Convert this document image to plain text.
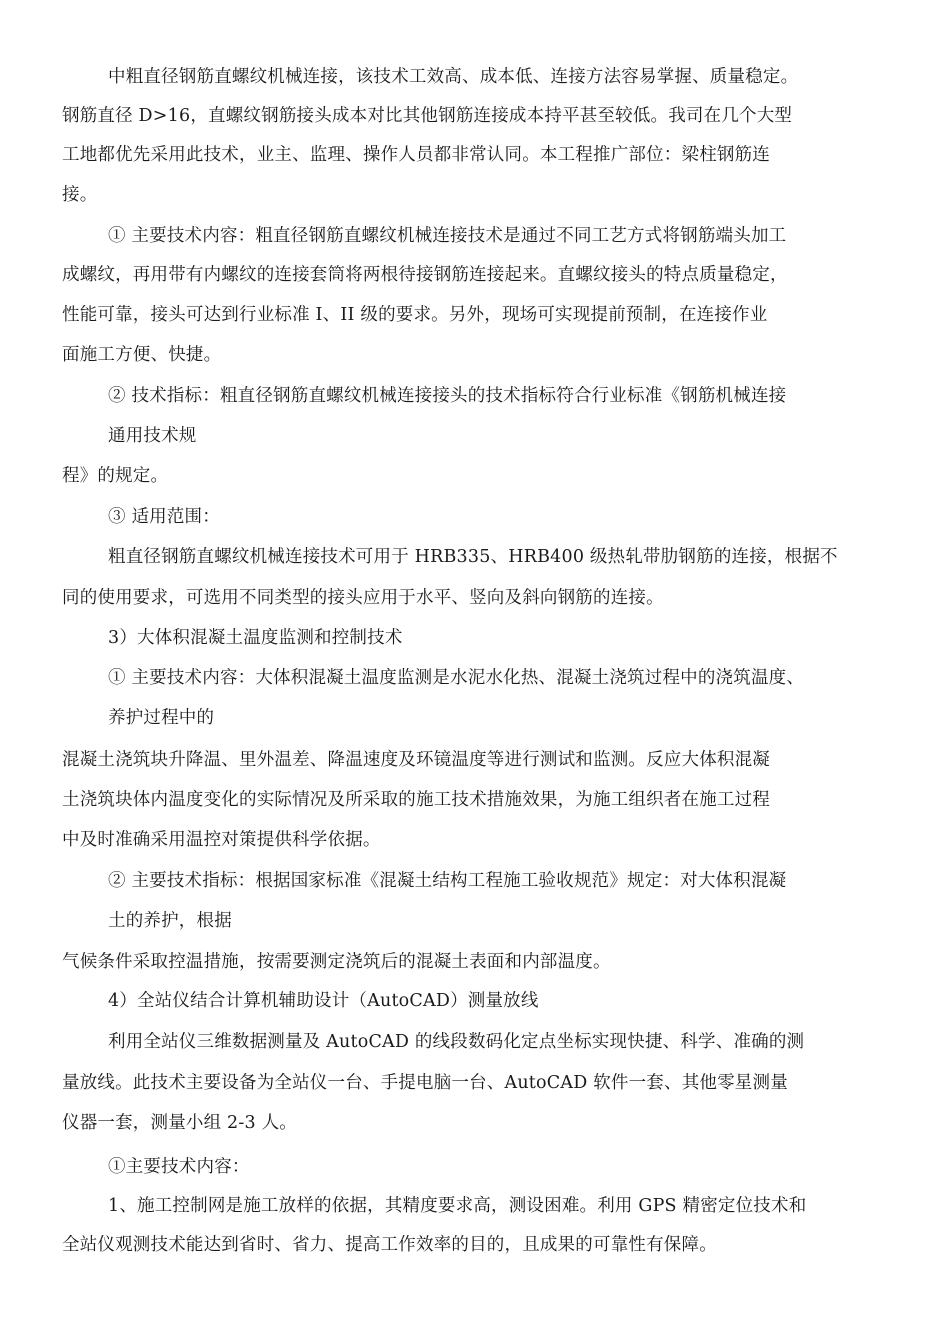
中粗直径钢筋直螺纹机械连接，该技术工效高、成本低、连接方法容易掌握、质量稳定。
钢筋直径 D>16，直螺纹钢筋接头成本对比其他钢筋连接成本持平甚至较低。我司在几个大型
工地都优先采用此技术，业主、监理、操作人员都非常认同。本工程推广部位：梁柱钢筋连
接。
① 主要技术内容：粗直径钢筋直螺纹机械连接技术是通过不同工艺方式将钢筋端头加工
成螺纹，再用带有内螺纹的连接套筒将两根待接钢筋连接起来。直螺纹接头的特点质量稳定，
性能可靠，接头可达到行业标准 I、II 级的要求。另外，现场可实现提前预制，在连接作业
面施工方便、快捷。
② 技术指标：粗直径钢筋直螺纹机械连接接头的技术指标符合行业标准《钢筋机械连接
通用技术规
程》的规定。
③ 适用范围：
粗直径钢筋直螺纹机械连接技术可用于 HRB335、HRB400 级热轧带肋钢筋的连接，根据不
同的使用要求，可选用不同类型的接头应用于水平、竖向及斜向钢筋的连接。
3）大体积混凝土温度监测和控制技术
① 主要技术内容：大体积混凝土温度监测是水泥水化热、混凝土浇筑过程中的浇筑温度、
养护过程中的
混凝土浇筑块升降温、里外温差、降温速度及环镜温度等进行测试和监测。反应大体积混凝
土浇筑块体内温度变化的实际情况及所采取的施工技术措施效果，为施工组织者在施工过程
中及时准确采用温控对策提供科学依据。
② 主要技术指标：根据国家标准《混凝土结构工程施工验收规范》规定：对大体积混凝
土的养护，根据
气候条件采取控温措施，按需要测定浇筑后的混凝土表面和内部温度。
4）全站仪结合计算机辅助设计（AutoCAD）测量放线
利用全站仪三维数据测量及 AutoCAD 的线段数码化定点坐标实现快捷、科学、准确的测
量放线。此技术主要设备为全站仪一台、手提电脑一台、AutoCAD 软件一套、其他零星测量
仪器一套，测量小组 2-3 人。
①主要技术内容：
1、施工控制网是施工放样的依据，其精度要求高，测设困难。利用 GPS 精密定位技术和
全站仪观测技术能达到省时、省力、提高工作效率的目的，且成果的可靠性有保障。
